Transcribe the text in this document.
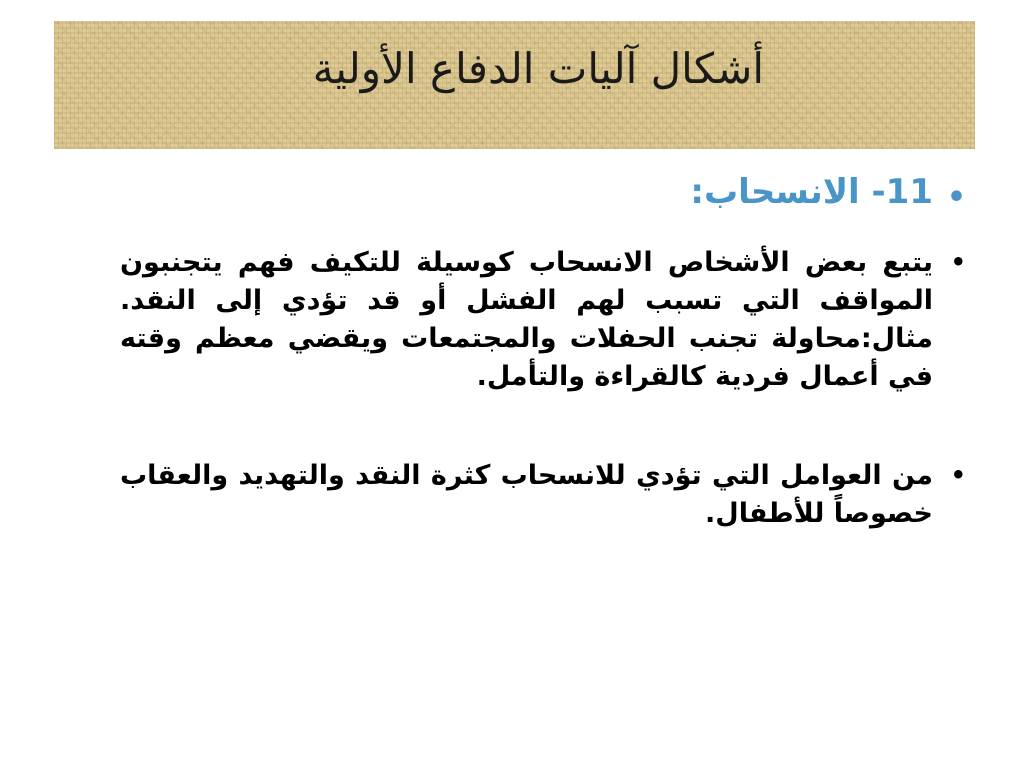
أشكال آليات الدفاع الأولية
•
11- الانسحاب:
•
يتبع بعض الأشخاص الانسحاب كوسيلة للتكيف فهم يتجنبون المواقف التي تسبب لهم الفشل أو قد تؤدي إلى النقد. مثال:محاولة تجنب الحفلات والمجتمعات ويقضي معظم وقته في أعمال فردية كالقراءة والتأمل.
•
من العوامل التي تؤدي للانسحاب كثرة النقد والتهديد والعقاب خصوصاً للأطفال.
